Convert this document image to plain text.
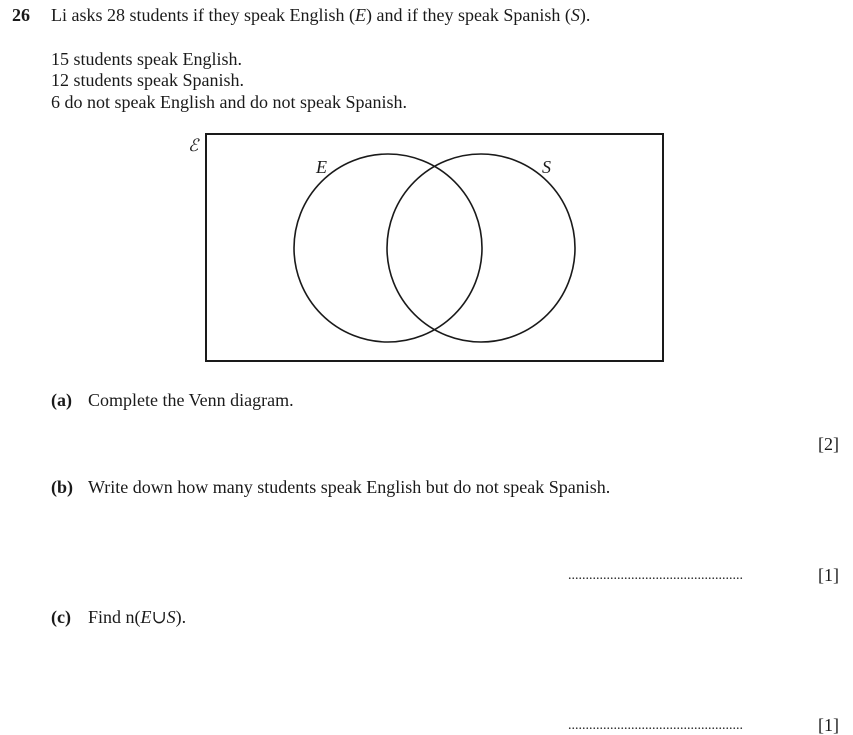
26 Li asks 28 students if they speak English (E) and if they speak Spanish (S).
15 students speak English.
12 students speak Spanish.
6 do not speak English and do not speak Spanish.
ℰ
E	S
(a) Complete the Venn diagram.
[2]
(b) Write down how many students speak English but do not speak Spanish.
..................................................	[1]
(c) Find n(E∪S).
..................................................	[1]
